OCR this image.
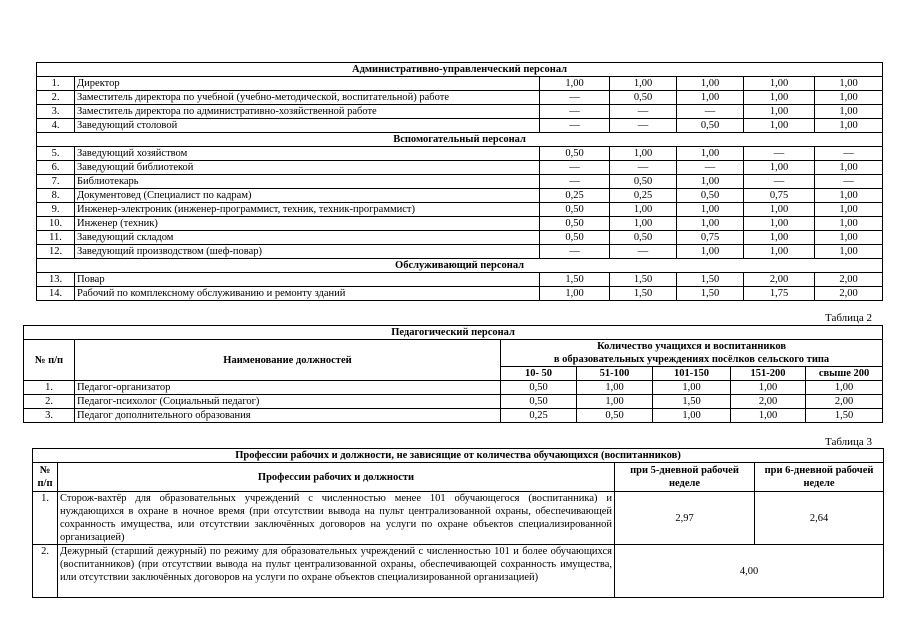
Административно-управленческий персонал						
1.	Директор	1,00	1,00	1,00	1,00	1,00
2.	Заместитель директора по учебной (учебно-методической, воспитательной) работе	—	0,50	1,00	1,00	1,00
3.	Заместитель директора по административно-хозяйственной работе	—	—	—	1,00	1,00
4.	Заведующий столовой	—	—	0,50	1,00	1,00
Вспомогательный персонал						
5.	Заведующий хозяйством	0,50	1,00	1,00	—	—
6.	Заведующий библиотекой	—	—	—	1,00	1,00
7.	Библиотекарь	—	0,50	1,00	—	—
8.	Документовед (Специалист по кадрам)	0,25	0,25	0,50	0,75	1,00
9.	Инженер-электроник (инженер-программист, техник, техник-программист)	0,50	1,00	1,00	1,00	1,00
10.	Инженер (техник)	0,50	1,00	1,00	1,00	1,00
11.	Заведующий складом	0,50	0,50	0,75	1,00	1,00
12.	Заведующий производством (шеф-повар)	—	—	1,00	1,00	1,00
Обслуживающий персонал						
13.	Повар	1,50	1,50	1,50	2,00	2,00
14.	Рабочий по комплексному обслуживанию и ремонту зданий	1,00	1,50	1,50	1,75	2,00
Таблица 2
Педагогический персонал						
№ п/п	Наименование должностей	Количество учащихся и воспитанников
в образовательных учреждениях посёлков сельского типа				

		10- 50	51-100	101-150	151-200	свыше 200
1.	Педагог-организатор	0,50	1,00	1,00	1,00	1,00
2.	Педагог-психолог (Социальный педагог)	0,50	1,00	1,50	2,00	2,00
3.	Педагог дополнительного образования	0,25	0,50	1,00	1,00	1,50
Таблица 3
Профессии рабочих и должности, не зависящие от количества обучающихся (воспитанников)			

№
п/п	Профессии рабочих и должности	при 5-дневной рабочей неделе	при 6-дневной рабочей неделе
1.	Сторож-вахтёр для образовательных учреждений с численностью менее 101 обучающегося (воспитанника) и нуждающихся в охране в ночное время (при отсутствии вывода на пульт централизованной охраны, обеспечивающей сохранность имущества, или отсутствии заключённых договоров на услуги по охране объектов специализированной организацией)	2,97	2,64
2.	Дежурный (старший дежурный) по режиму для образовательных учреждений с численностью 101 и более обучающихся (воспитанников) (при отсутствии вывода на пульт централизованной охраны, обеспечивающей сохранность имущества, или отсутствии заключённых договоров на услуги по охране объектов специализированной организацией)	4,00	
